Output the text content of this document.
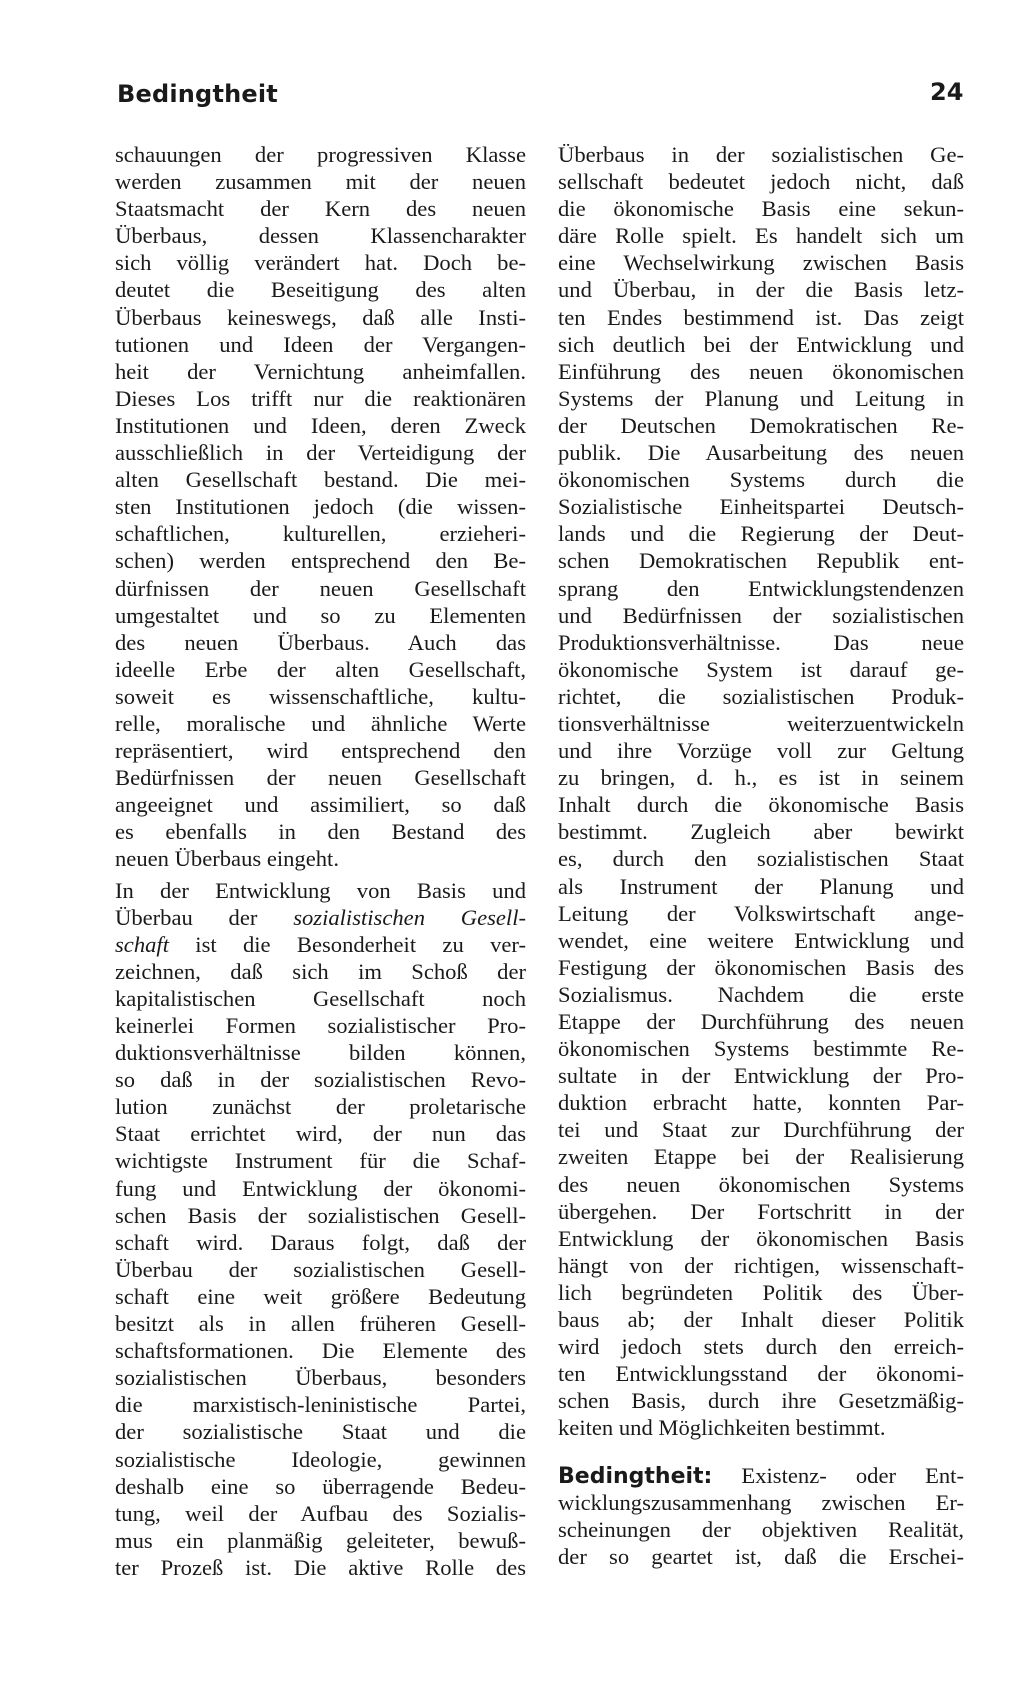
Bedingtheit	24
schauungen der progressiven Klasse
werden zusammen mit der neuen
Staatsmacht der Kern des neuen
Überbaus, dessen Klassencharakter
sich völlig verändert hat. Doch be-
deutet die Beseitigung des alten
Überbaus keineswegs, daß alle Insti-
tutionen und Ideen der Vergangen-
heit der Vernichtung anheimfallen.
Dieses Los trifft nur die reaktionären
Institutionen und Ideen, deren Zweck
ausschließlich in der Verteidigung der
alten Gesellschaft bestand. Die mei-
sten Institutionen jedoch (die wissen-
schaftlichen, kulturellen, erzieheri-
schen) werden entsprechend den Be-
dürfnissen der neuen Gesellschaft
umgestaltet und so zu Elementen
des neuen Überbaus. Auch das
ideelle Erbe der alten Gesellschaft,
soweit es wissenschaftliche, kultu-
relle, moralische und ähnliche Werte
repräsentiert, wird entsprechend den
Bedürfnissen der neuen Gesellschaft
angeeignet und assimiliert, so daß
es ebenfalls in den Bestand des
neuen Überbaus eingeht.
In der Entwicklung von Basis und
Überbau der sozialistischen Gesell-
schaft ist die Besonderheit zu ver-
zeichnen, daß sich im Schoß der
kapitalistischen Gesellschaft noch
keinerlei Formen sozialistischer Pro-
duktionsverhältnisse bilden können,
so daß in der sozialistischen Revo-
lution zunächst der proletarische
Staat errichtet wird, der nun das
wichtigste Instrument für die Schaf-
fung und Entwicklung der ökonomi-
schen Basis der sozialistischen Gesell-
schaft wird. Daraus folgt, daß der
Überbau der sozialistischen Gesell-
schaft eine weit größere Bedeutung
besitzt als in allen früheren Gesell-
schaftsformationen. Die Elemente des
sozialistischen Überbaus, besonders
die marxistisch-leninistische Partei,
der sozialistische Staat und die
sozialistische Ideologie, gewinnen
deshalb eine so überragende Bedeu-
tung, weil der Aufbau des Sozialis-
mus ein planmäßig geleiteter, bewuß-
ter Prozeß ist. Die aktive Rolle des
Überbaus in der sozialistischen Ge-
sellschaft bedeutet jedoch nicht, daß
die ökonomische Basis eine sekun-
däre Rolle spielt. Es handelt sich um
eine Wechselwirkung zwischen Basis
und Überbau, in der die Basis letz-
ten Endes bestimmend ist. Das zeigt
sich deutlich bei der Entwicklung und
Einführung des neuen ökonomischen
Systems der Planung und Leitung in
der Deutschen Demokratischen Re-
publik. Die Ausarbeitung des neuen
ökonomischen Systems durch die
Sozialistische Einheitspartei Deutsch-
lands und die Regierung der Deut-
schen Demokratischen Republik ent-
sprang den Entwicklungstendenzen
und Bedürfnissen der sozialistischen
Produktionsverhältnisse. Das neue
ökonomische System ist darauf ge-
richtet, die sozialistischen Produk-
tionsverhältnisse weiterzuentwickeln
und ihre Vorzüge voll zur Geltung
zu bringen, d. h., es ist in seinem
Inhalt durch die ökonomische Basis
bestimmt. Zugleich aber bewirkt
es, durch den sozialistischen Staat
als Instrument der Planung und
Leitung der Volkswirtschaft ange-
wendet, eine weitere Entwicklung und
Festigung der ökonomischen Basis des
Sozialismus. Nachdem die erste
Etappe der Durchführung des neuen
ökonomischen Systems bestimmte Re-
sultate in der Entwicklung der Pro-
duktion erbracht hatte, konnten Par-
tei und Staat zur Durchführung der
zweiten Etappe bei der Realisierung
des neuen ökonomischen Systems
übergehen. Der Fortschritt in der
Entwicklung der ökonomischen Basis
hängt von der richtigen, wissenschaft-
lich begründeten Politik des Über-
baus ab; der Inhalt dieser Politik
wird jedoch stets durch den erreich-
ten Entwicklungsstand der ökonomi-
schen Basis, durch ihre Gesetzmäßig-
keiten und Möglichkeiten bestimmt.
Bedingtheit: Existenz- oder Ent-
wicklungszusammenhang zwischen Er-
scheinungen der objektiven Realität,
der so geartet ist, daß die Erschei-
